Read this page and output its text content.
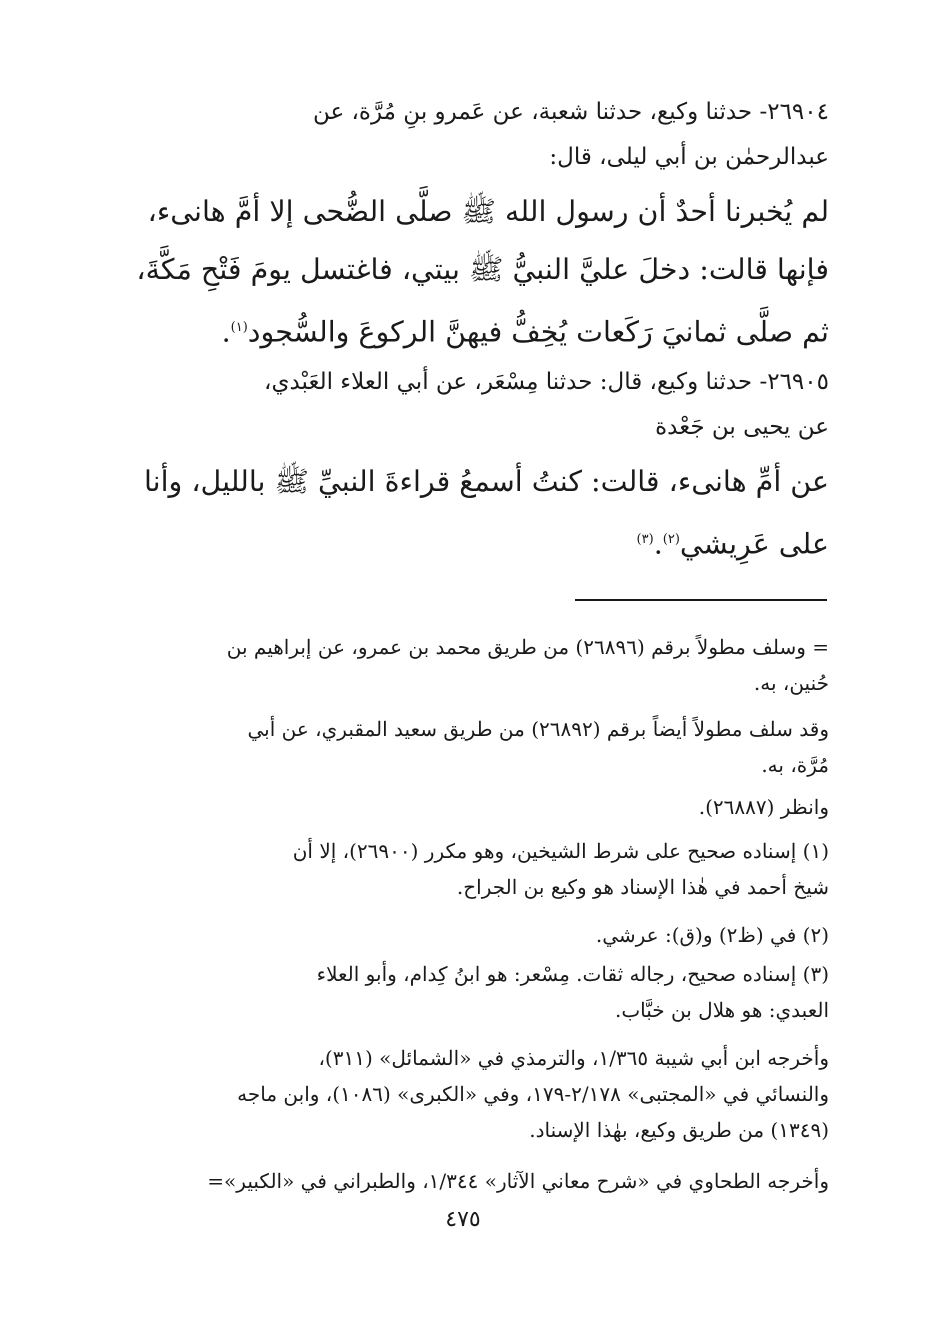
٢٦٩٠٤- حدثنا وكيع، حدثنا شعبة، عن عَمرو بنِ مُرَّة، عن
عبدالرحمٰن بن أبي ليلى، قال:
لم يُخبرنا أحدٌ أن رسول الله ﷺ صلَّى الضُّحى إلا أمَّ هانىء،
فإنها قالت: دخلَ عليَّ النبيُّ ﷺ بيتي، فاغتسل يومَ فَتْحِ مَكَّةَ،
ثم صلَّى ثمانيَ رَكَعات يُخِفُّ فيهنَّ الركوعَ والسُّجود$^{(١)}$.
٢٦٩٠٥- حدثنا وكيع، قال: حدثنا مِسْعَر، عن أبي العلاء العَبْدي،
عن يحيى بن جَعْدة
عن أمِّ هانىء، قالت: كنتُ أسمعُ قراءةَ النبيِّ ﷺ بالليل، وأنا
على عَرِيشي$^{(٢)}$.$^{(٣)}$
= وسلف مطولاً برقم (٢٦٨٩٦) من طريق محمد بن عمرو، عن إبراهيم بن
حُنين، به.
وقد سلف مطولاً أيضاً برقم (٢٦٨٩٢) من طريق سعيد المقبري، عن أبي
مُرَّة، به.
وانظر (٢٦٨٨٧).
(١) إسناده صحيح على شرط الشيخين، وهو مكرر (٢٦٩٠٠)، إلا أن
شيخ أحمد في هٰذا الإسناد هو وكيع بن الجراح.
(٢) في (ظ٢) و(ق): عرشي.
(٣) إسناده صحيح، رجاله ثقات. مِسْعر: هو ابنُ كِدام، وأبو العلاء
العبدي: هو هلال بن خبَّاب.
وأخرجه ابن أبي شيبة ١/٣٦٥، والترمذي في «الشمائل» (٣١١)،
والنسائي في «المجتبى» ٢/١٧٨-١٧٩، وفي «الكبرى» (١٠٨٦)، وابن ماجه
(١٣٤٩) من طريق وكيع، بهٰذا الإسناد.
وأخرجه الطحاوي في «شرح معاني الآثار» ١/٣٤٤، والطبراني في «الكبير»=
٤٧٥
